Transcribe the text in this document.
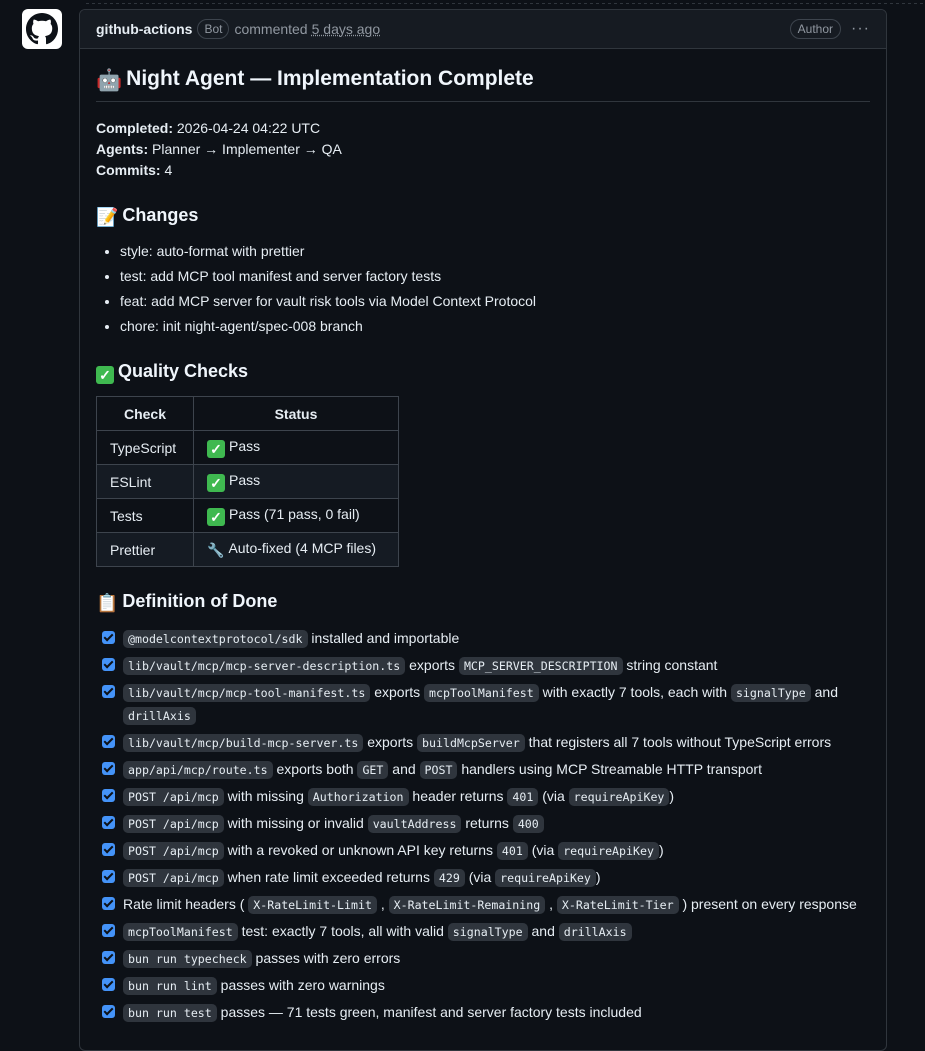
github-actions	Bot commented 5 days ago	Author	···
🤖 Night Agent — Implementation Complete

Completed: 2026-04-24 04:22 UTC

Agents: Planner → Implementer → QA

Commits: 4

📝 Changes
• style: auto-format with prettier
• test: add MCP tool manifest and server factory tests
• feat: add MCP server for vault risk tools via Model Context Protocol
• chore: init night-agent/spec-008 branch
✓ Quality Checks
Check	Status
TypeScript	✓ Pass
ESLint	✓ Pass
Tests	✓ Pass (71 pass, 0 fail)
Prettier	🔧 Auto-fixed (4 MCP files)
📋 Definition of Done
@modelcontextprotocol/sdk installed and importable
lib/vault/mcp/mcp-server-description.ts exports MCP_SERVER_DESCRIPTION string constant
lib/vault/mcp/mcp-tool-manifest.ts exports mcpToolManifest with exactly 7 tools, each with signalType and drillAxis
lib/vault/mcp/build-mcp-server.ts exports buildMcpServer that registers all 7 tools without TypeScript errors
app/api/mcp/route.ts exports both GET and POST handlers using MCP Streamable HTTP transport
POST /api/mcp with missing Authorization header returns 401 (via requireApiKey )
POST /api/mcp with missing or invalid vaultAddress returns 400
POST /api/mcp with a revoked or unknown API key returns 401 (via requireApiKey )
POST /api/mcp when rate limit exceeded returns 429 (via requireApiKey )
Rate limit headers ( X-RateLimit-Limit , X-RateLimit-Remaining , X-RateLimit-Tier ) present on every response
mcpToolManifest test: exactly 7 tools, all with valid signalType and drillAxis
bun run typecheck passes with zero errors
bun run lint passes with zero warnings
bun run test passes — 71 tests green, manifest and server factory tests included
